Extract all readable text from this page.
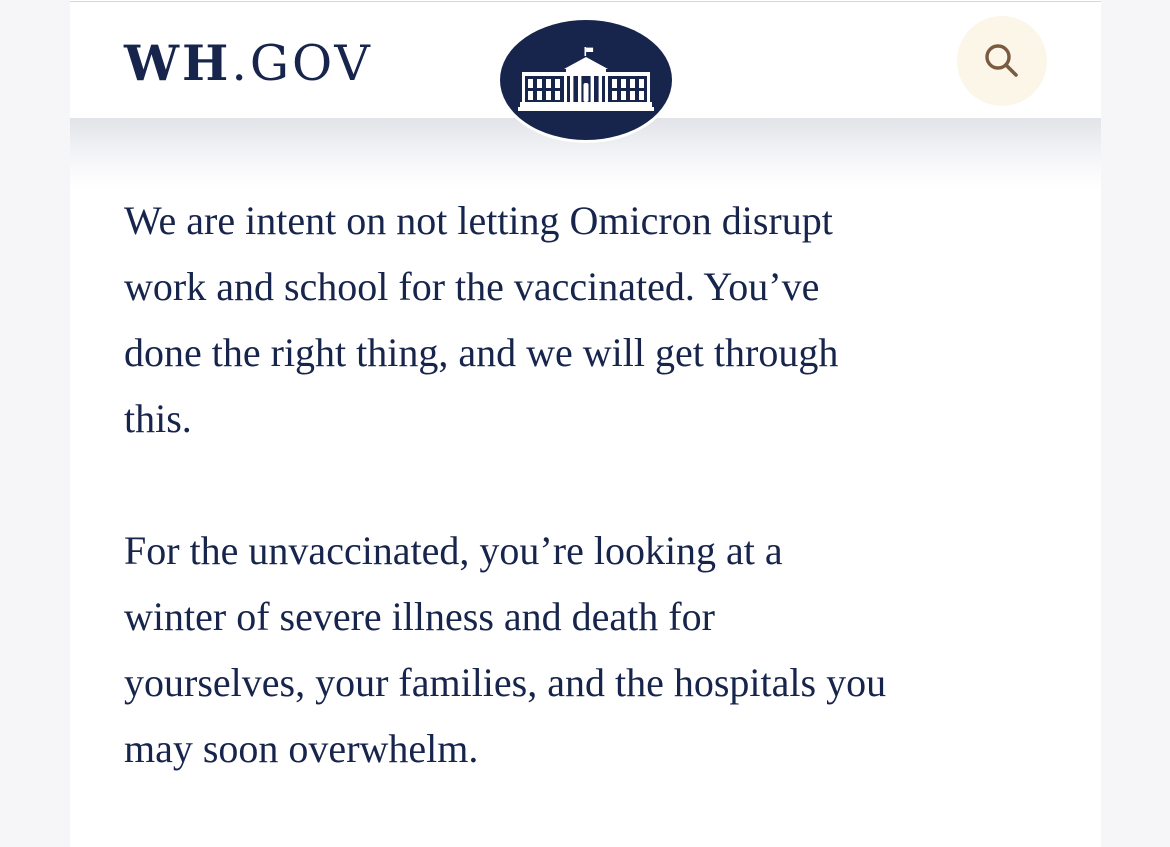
WH.GOV

We are intent on not letting Omicron disrupt
work and school for the vaccinated. You’ve
done the right thing, and we will get through
this.

For the unvaccinated, you’re looking at a
winter of severe illness and death for
yourselves, your families, and the hospitals you
may soon overwhelm.
